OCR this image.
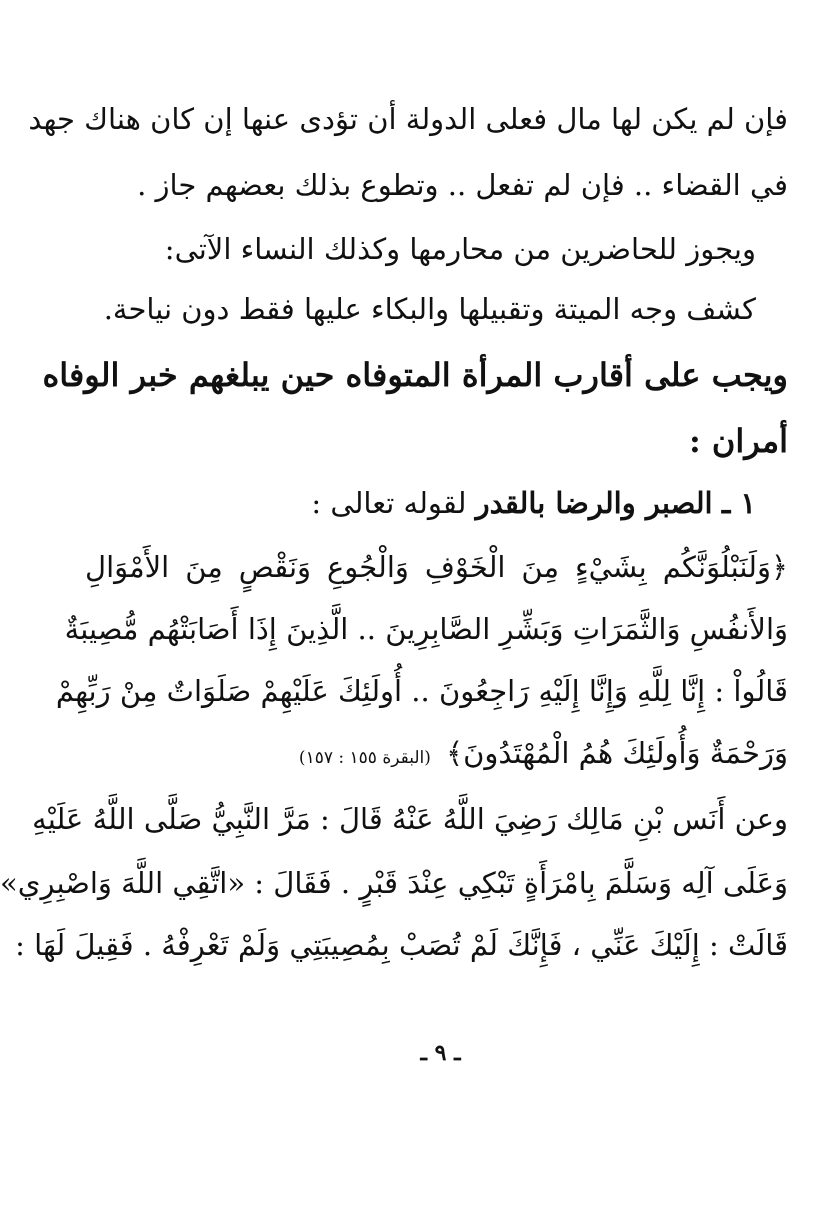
فإن لم يكن لها مال فعلى الدولة أن تؤدى عنها إن كان هناك جهد
في القضاء .. فإن لم تفعل .. وتطوع بذلك بعضهم جاز .
ويجوز للحاضرين من محارمها وكذلك النساء الآتى:
كشف وجه الميتة وتقبيلها والبكاء عليها فقط دون نياحة.
ويجب على أقارب المرأة المتوفاه حين يبلغهم خبر الوفاه
أمران :
١ ـ الصبر والرضا بالقدر لقوله تعالى :
﴿وَلَنَبْلُوَنَّكُم بِشَيْءٍ مِنَ الْخَوْفِ وَالْجُوعِ وَنَقْصٍ مِنَ الأَمْوَالِ
وَالأَنفُسِ وَالثَّمَرَاتِ وَبَشِّرِ الصَّابِرِينَ .. الَّذِينَ إِذَا أَصَابَتْهُم مُّصِيبَةٌ
قَالُواْ : إِنَّا لِلَّهِ وَإِنَّا إِلَيْهِ رَاجِعُونَ .. أُولَئِكَ عَلَيْهِمْ صَلَوَاتٌ مِنْ رَبِّهِمْ
وَرَحْمَةٌ وَأُولَئِكَ هُمُ الْمُهْتَدُونَ﴾ (البقرة ١٥٥ : ١٥٧)
وعن أَنَس بْنِ مَالِك رَضِيَ اللَّهُ عَنْهُ قَالَ : مَرَّ النَّبِيُّ صَلَّى اللَّهُ عَلَيْهِ
وَعَلَى آلِه وَسَلَّمَ بِامْرَأَةٍ تَبْكِي عِنْدَ قَبْرٍ . فَقَالَ : «اتَّقِي اللَّهَ وَاصْبِرِي»
قَالَتْ : إِلَيْكَ عَنِّي ، فَإِنَّكَ لَمْ تُصَبْ بِمُصِيبَتِي وَلَمْ تَعْرِفْهُ . فَقِيلَ لَهَا :
ـ ٩ ـ
